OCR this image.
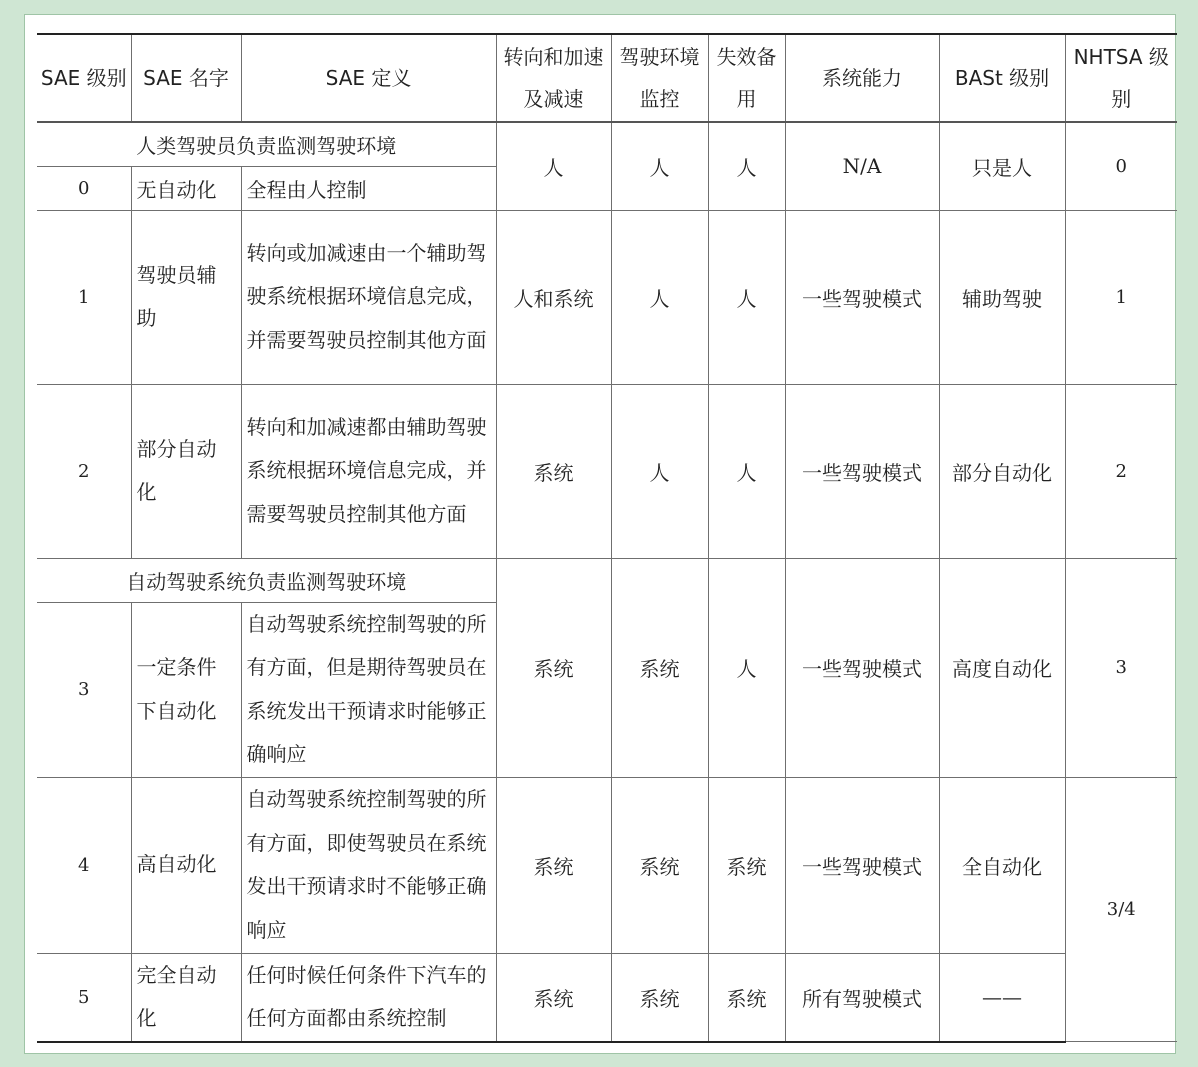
SAE 级别	SAE 名字	SAE 定义	转向和加速及减速	驾驶环境监控	失效备用	系统能力	BASt 级别	NHTSA 级别
人类驾驶员负责监测驾驶环境			人	人	人	N/A	只是人	0
0	无自动化	全程由人控制						
1	驾驶员辅助	转向或加减速由一个辅助驾驶系统根据环境信息完成，并需要驾驶员控制其他方面	人和系统	人	人	一些驾驶模式	辅助驾驶	1
2	部分自动化	转向和加减速都由辅助驾驶系统根据环境信息完成，并需要驾驶员控制其他方面	系统	人	人	一些驾驶模式	部分自动化	2
自动驾驶系统负责监测驾驶环境			系统	系统	人	一些驾驶模式	高度自动化	3
3	一定条件下自动化	自动驾驶系统控制驾驶的所有方面，但是期待驾驶员在系统发出干预请求时能够正确响应						
4	高自动化	自动驾驶系统控制驾驶的所有方面，即使驾驶员在系统发出干预请求时不能够正确响应	系统	系统	系统	一些驾驶模式	全自动化	3/4
5	完全自动化	任何时候任何条件下汽车的任何方面都由系统控制	系统	系统	系统	所有驾驶模式	——	
